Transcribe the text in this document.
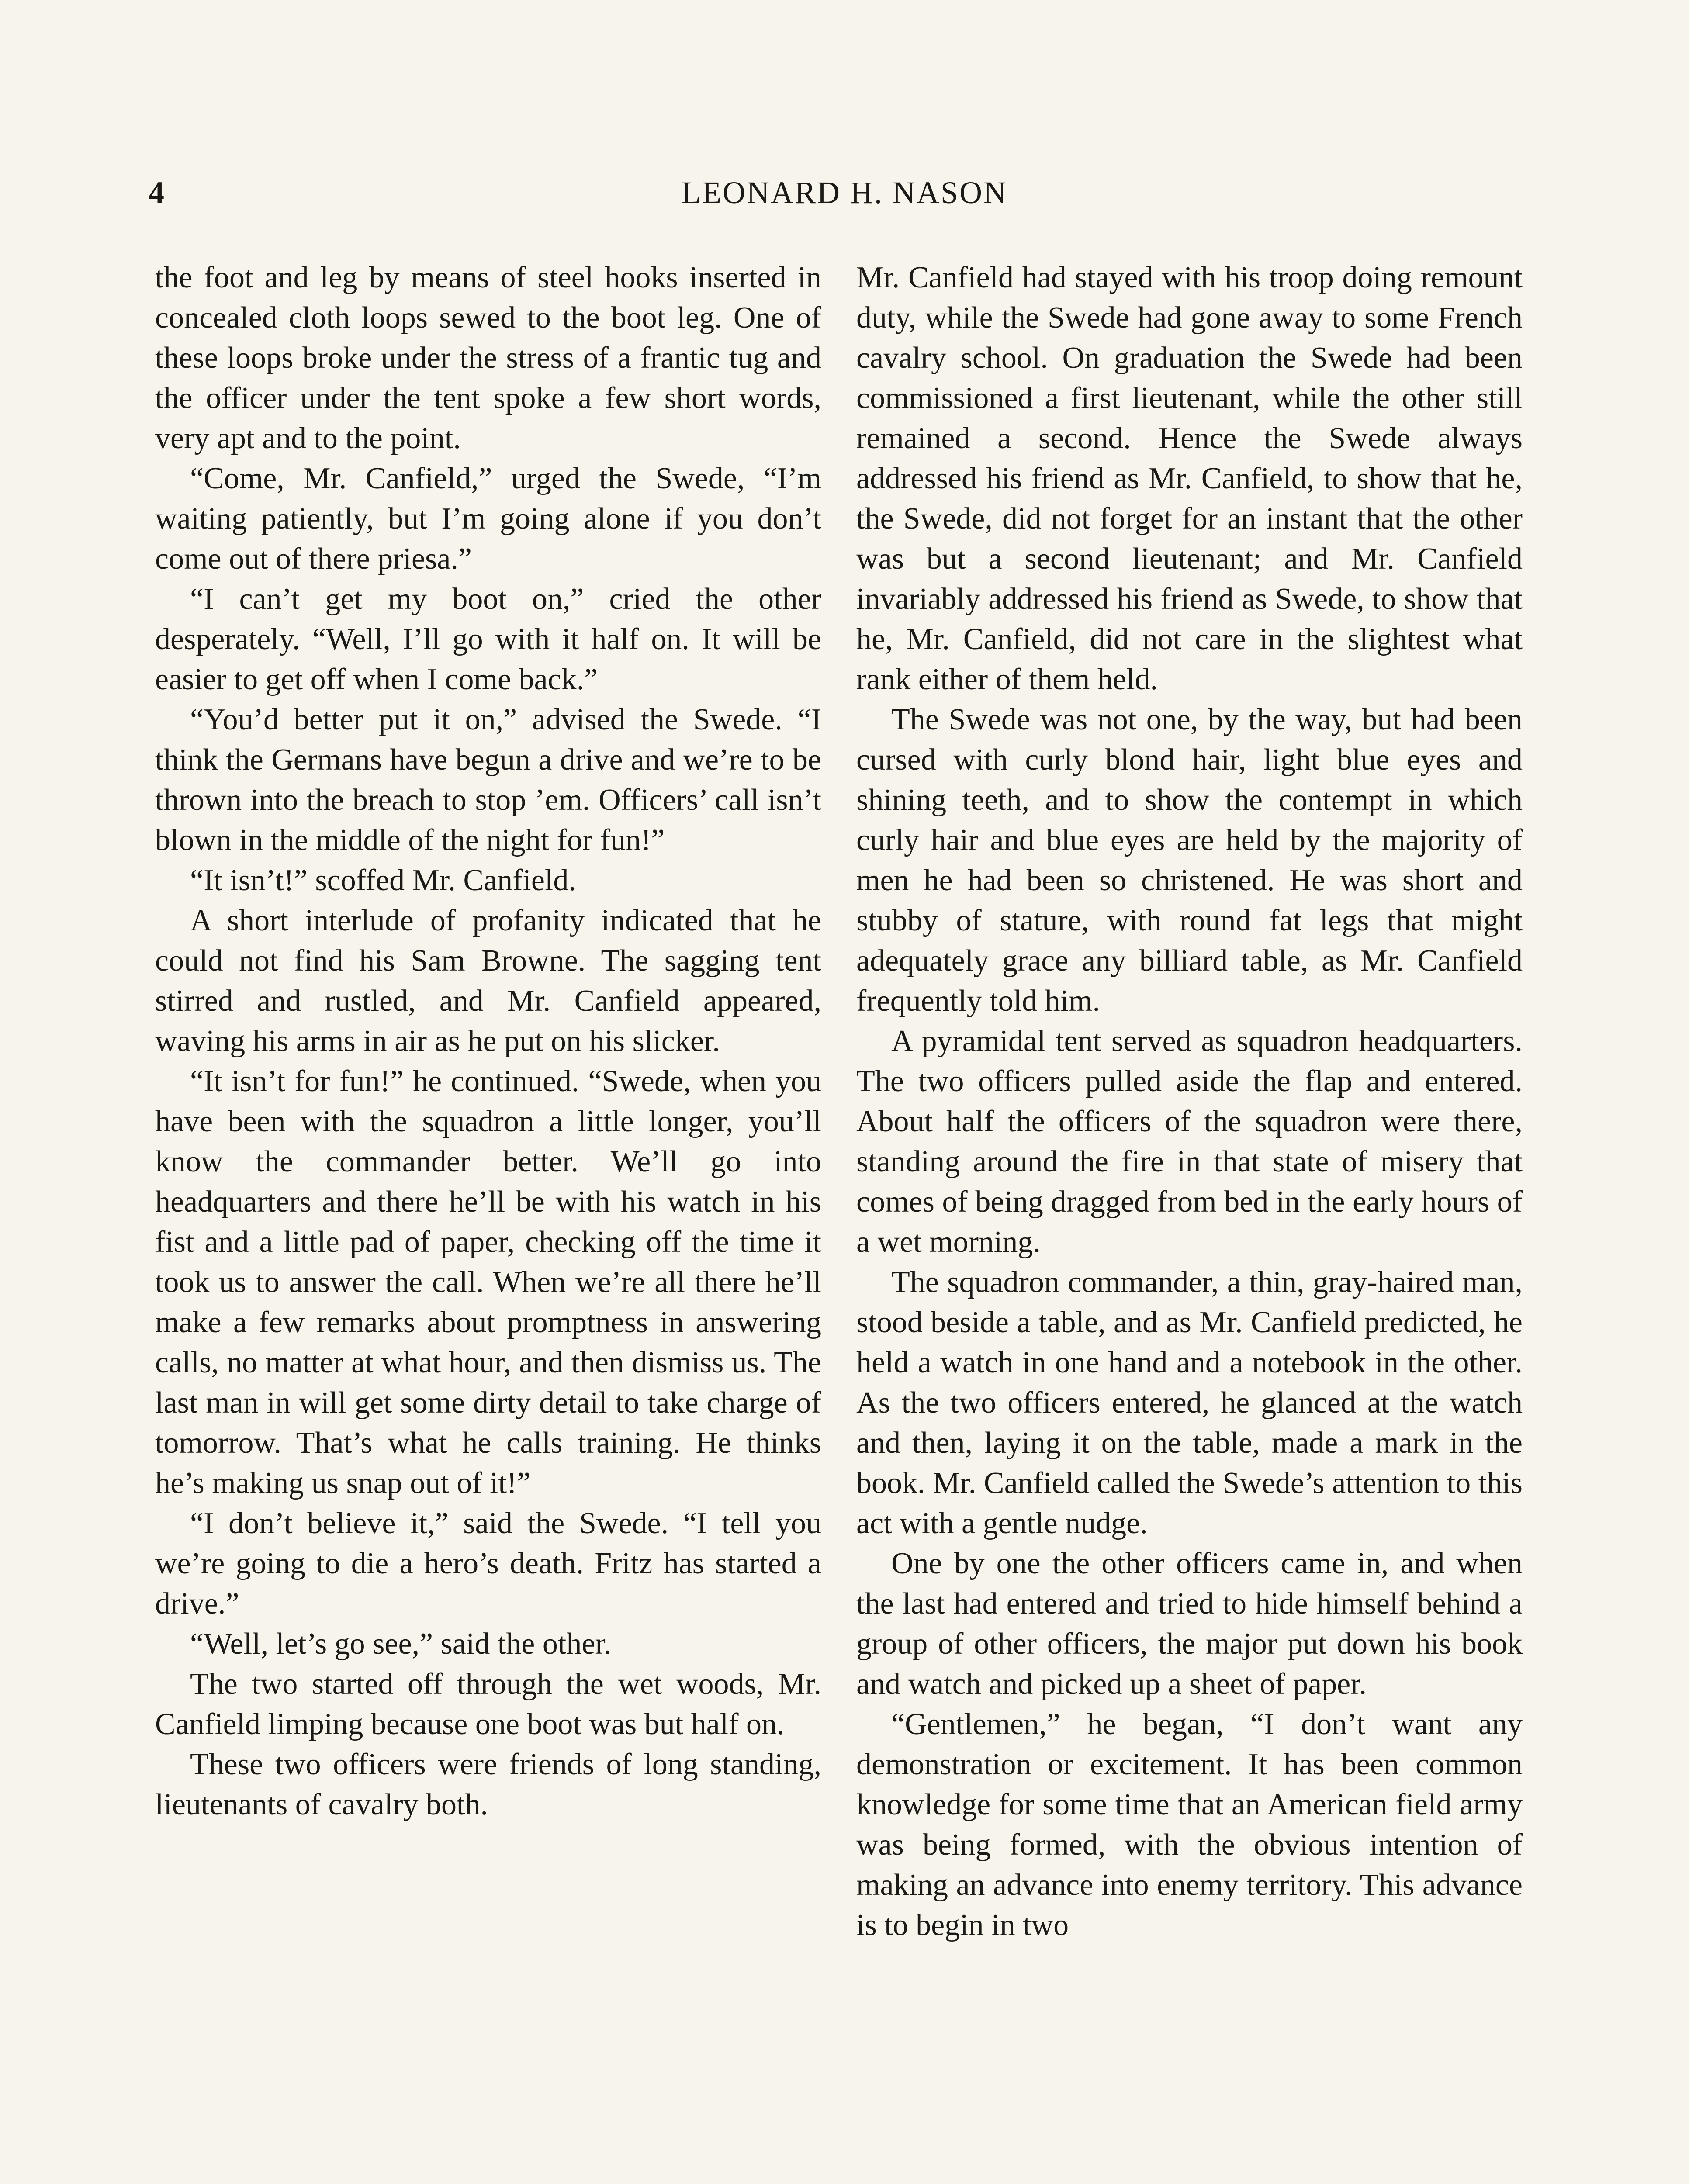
4	LEONARD H. NASON

the foot and leg by means of steel hooks inserted in concealed cloth loops sewed to the boot leg. One of these loops broke under the stress of a frantic tug and the officer under the tent spoke a few short words, very apt and to the point.

“Come, Mr. Canfield,” urged the Swede, “I’m waiting patiently, but I’m going alone if you don’t come out of there priesa.”

“I can’t get my boot on,” cried the other desperately. “Well, I’ll go with it half on. It will be easier to get off when I come back.”

“You’d better put it on,” advised the Swede. “I think the Germans have begun a drive and we’re to be thrown into the breach to stop ’em. Officers’ call isn’t blown in the middle of the night for fun!”

“It isn’t!” scoffed Mr. Canfield.

A short interlude of profanity indicated that he could not find his Sam Browne. The sagging tent stirred and rustled, and Mr. Canfield appeared, waving his arms in air as he put on his slicker.

“It isn’t for fun!” he continued. “Swede, when you have been with the squadron a little longer, you’ll know the commander better. We’ll go into headquarters and there he’ll be with his watch in his fist and a little pad of paper, checking off the time it took us to answer the call. When we’re all there he’ll make a few remarks about promptness in answering calls, no matter at what hour, and then dismiss us. The last man in will get some dirty detail to take charge of tomorrow. That’s what he calls training. He thinks he’s making us snap out of it!”

“I don’t believe it,” said the Swede. “I tell you we’re going to die a hero’s death. Fritz has started a drive.”

“Well, let’s go see,” said the other.

The two started off through the wet woods, Mr. Canfield limping because one boot was but half on.

These two officers were friends of long standing, lieutenants of cavalry both.

Mr. Canfield had stayed with his troop doing remount duty, while the Swede had gone away to some French cavalry school. On graduation the Swede had been commissioned a first lieutenant, while the other still remained a second. Hence the Swede always addressed his friend as Mr. Canfield, to show that he, the Swede, did not forget for an instant that the other was but a second lieutenant; and Mr. Canfield invariably addressed his friend as Swede, to show that he, Mr. Canfield, did not care in the slightest what rank either of them held.

The Swede was not one, by the way, but had been cursed with curly blond hair, light blue eyes and shining teeth, and to show the contempt in which curly hair and blue eyes are held by the majority of men he had been so christened. He was short and stubby of stature, with round fat legs that might adequately grace any billiard table, as Mr. Canfield frequently told him.

A pyramidal tent served as squadron headquarters. The two officers pulled aside the flap and entered. About half the officers of the squadron were there, standing around the fire in that state of misery that comes of being dragged from bed in the early hours of a wet morning.

The squadron commander, a thin, gray-haired man, stood beside a table, and as Mr. Canfield predicted, he held a watch in one hand and a notebook in the other. As the two officers entered, he glanced at the watch and then, laying it on the table, made a mark in the book. Mr. Canfield called the Swede’s attention to this act with a gentle nudge.

One by one the other officers came in, and when the last had entered and tried to hide himself behind a group of other officers, the major put down his book and watch and picked up a sheet of paper.

“Gentlemen,” he began, “I don’t want any demonstration or excitement. It has been common knowledge for some time that an American field army was being formed, with the obvious intention of making an advance into enemy territory. This advance is to begin in two
